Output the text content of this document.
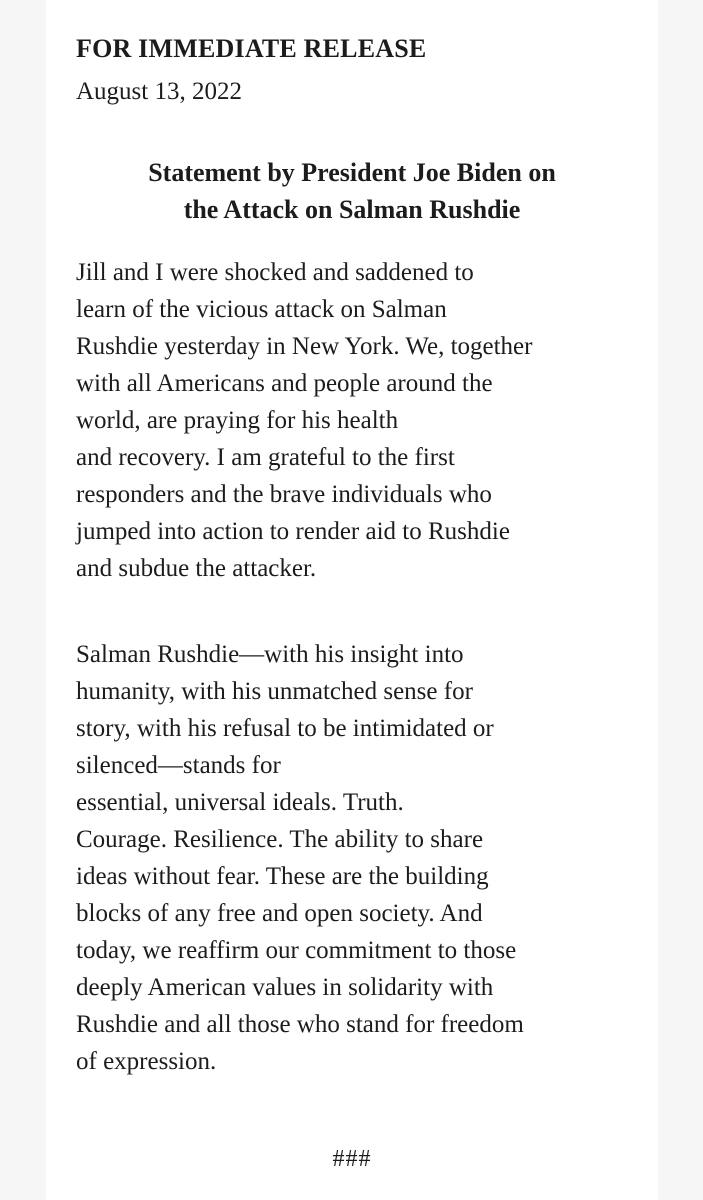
FOR IMMEDIATE RELEASE

August 13, 2022

Statement by President Joe Biden on
the Attack on Salman Rushdie
Jill and I were shocked and saddened to
learn of the vicious attack on Salman
Rushdie yesterday in New York. We, together
with all Americans and people around the
world, are praying for his health
and recovery. I am grateful to the first
responders and the brave individuals who
jumped into action to render aid to Rushdie
and subdue the attacker.
Salman Rushdie—with his insight into
humanity, with his unmatched sense for
story, with his refusal to be intimidated or
silenced—stands for
essential, universal ideals. Truth.
Courage. Resilience. The ability to share
ideas without fear. These are the building
blocks of any free and open society. And
today, we reaffirm our commitment to those
deeply American values in solidarity with
Rushdie and all those who stand for freedom
of expression.

###
